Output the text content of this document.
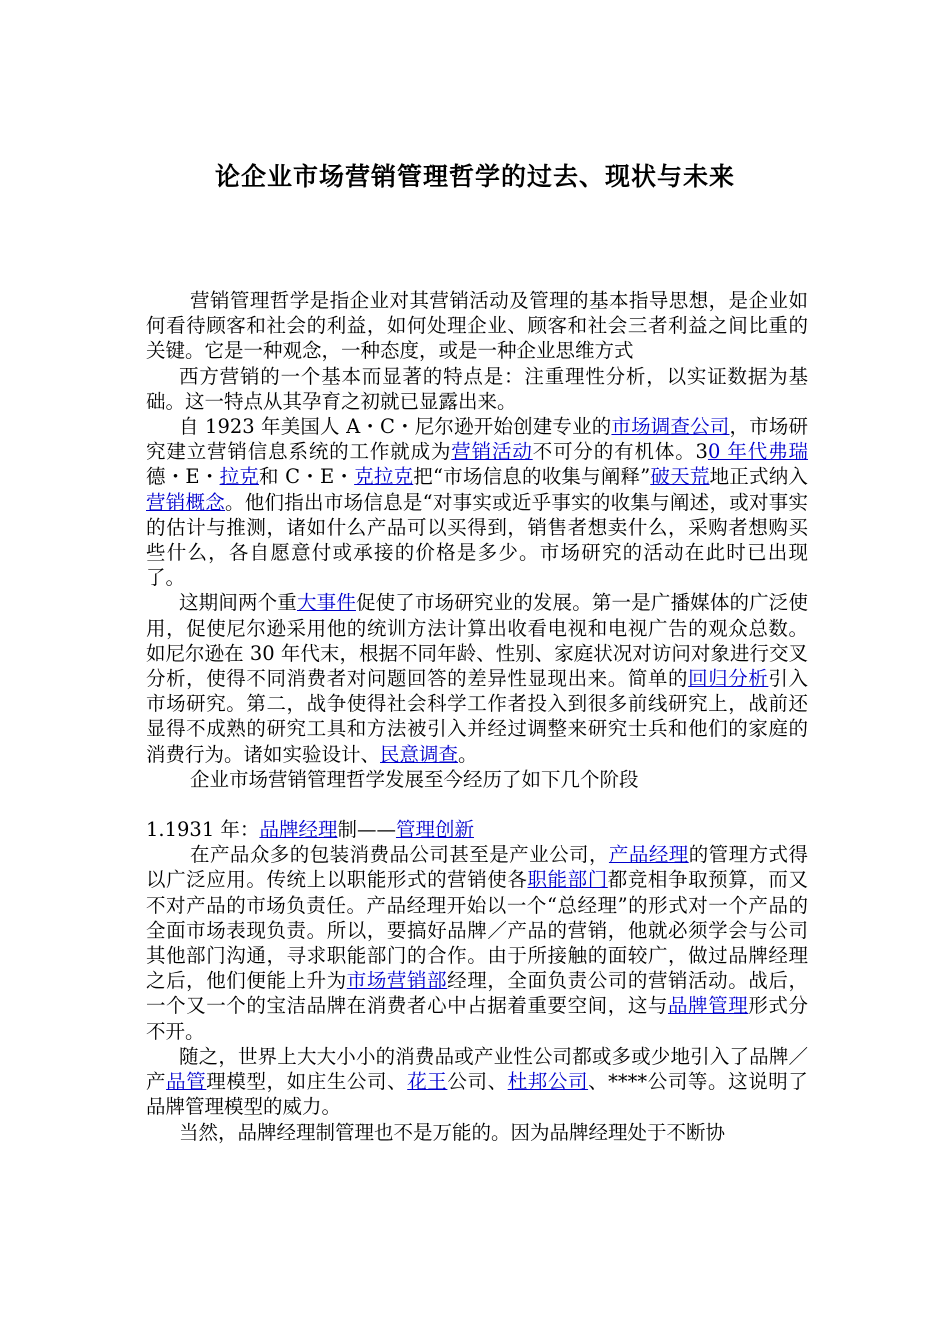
论企业市场营销管理哲学的过去、现状与未来

营销管理哲学是指企业对其营销活动及管理的基本指导思想，是企业如何看待顾客和社会的利益，如何处理企业、顾客和社会三者利益之间比重的关键。它是一种观念，一种态度，或是一种企业思维方式

西方营销的一个基本而显著的特点是：注重理性分析，以实证数据为基础。这一特点从其孕育之初就已显露出来。

自 1923 年美国人 A・C・尼尔逊开始创建专业的市场调查公司，市场研究建立营销信息系统的工作就成为营销活动不可分的有机体。30 年代弗瑞德・E・拉克和 C・E・克拉克把“市场信息的收集与阐释”破天荒地正式纳入营销概念。他们指出市场信息是“对事实或近乎事实的收集与阐述，或对事实的估计与推测，诸如什么产品可以买得到，销售者想卖什么，采购者想购买些什么，各自愿意付或承接的价格是多少。市场研究的活动在此时已出现了。

这期间两个重大事件促使了市场研究业的发展。第一是广播媒体的广泛使用，促使尼尔逊采用他的统训方法计算出收看电视和电视广告的观众总数。如尼尔逊在 30 年代末，根据不同年龄、性别、家庭状况对访问对象进行交叉分析，使得不同消费者对问题回答的差异性显现出来。简单的回归分析引入市场研究。第二，战争使得社会科学工作者投入到很多前线研究上，战前还显得不成熟的研究工具和方法被引入并经过调整来研究士兵和他们的家庭的消费行为。诸如实验设计、民意调查。

企业市场营销管理哲学发展至今经历了如下几个阶段

1.1931 年：品牌经理制——管理创新

在产品众多的包装消费品公司甚至是产业公司，产品经理的管理方式得以广泛应用。传统上以职能形式的营销使各职能部门都竞相争取预算，而又不对产品的市场负责任。产品经理开始以一个“总经理”的形式对一个产品的全面市场表现负责。所以，要搞好品牌／产品的营销，他就必须学会与公司其他部门沟通，寻求职能部门的合作。由于所接触的面较广，做过品牌经理之后，他们便能上升为市场营销部经理，全面负责公司的营销活动。战后，一个又一个的宝洁品牌在消费者心中占据着重要空间，这与品牌管理形式分不开。

随之，世界上大大小小的消费品或产业性公司都或多或少地引入了品牌／产品管理模型，如庄生公司、花王公司、杜邦公司、****公司等。这说明了品牌管理模型的威力。

当然，品牌经理制管理也不是万能的。因为品牌经理处于不断协
